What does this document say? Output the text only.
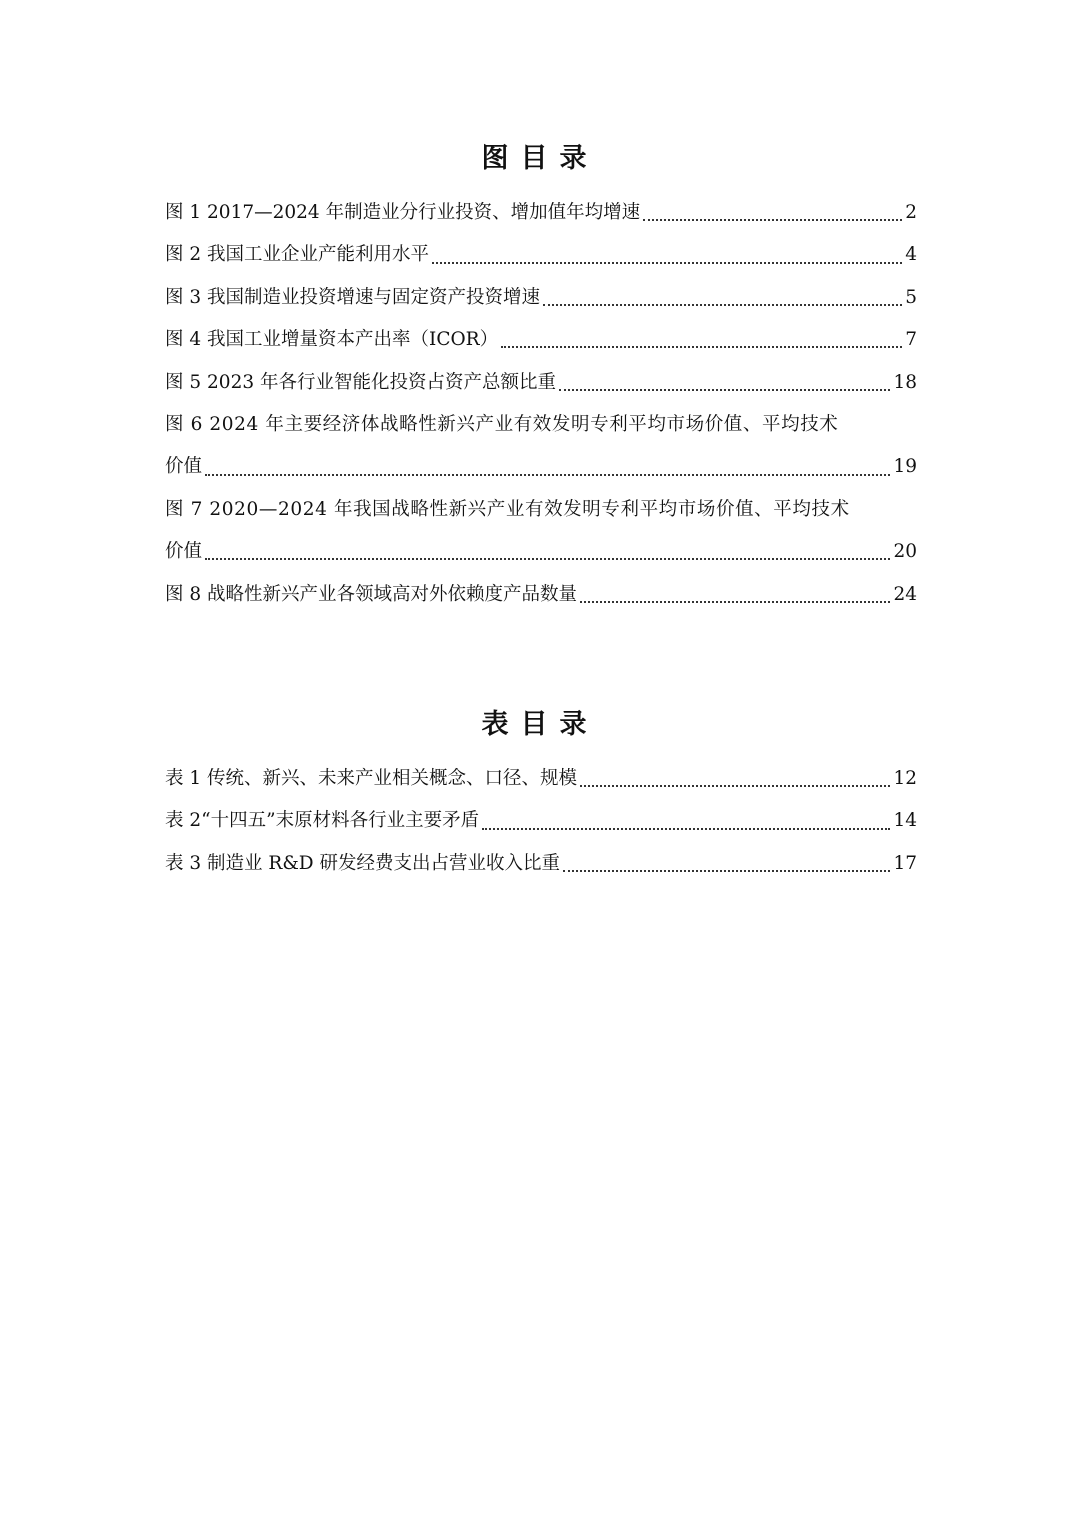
图目录
图 1 2017—2024 年制造业分行业投资、增加值年均增速	2
图 2 我国工业企业产能利用水平	4
图 3 我国制造业投资增速与固定资产投资增速	5
图 4 我国工业增量资本产出率（ICOR）	7
图 5 2023 年各行业智能化投资占资产总额比重	18
图 6 2024 年主要经济体战略性新兴产业有效发明专利平均市场价值、平均技术
价值	19
图 7 2020—2024 年我国战略性新兴产业有效发明专利平均市场价值、平均技术
价值	20
图 8 战略性新兴产业各领域高对外依赖度产品数量	24
表目录
表 1 传统、新兴、未来产业相关概念、口径、规模	12
表 2“十四五”末原材料各行业主要矛盾	14
表 3 制造业 R&D 研发经费支出占营业收入比重	17
